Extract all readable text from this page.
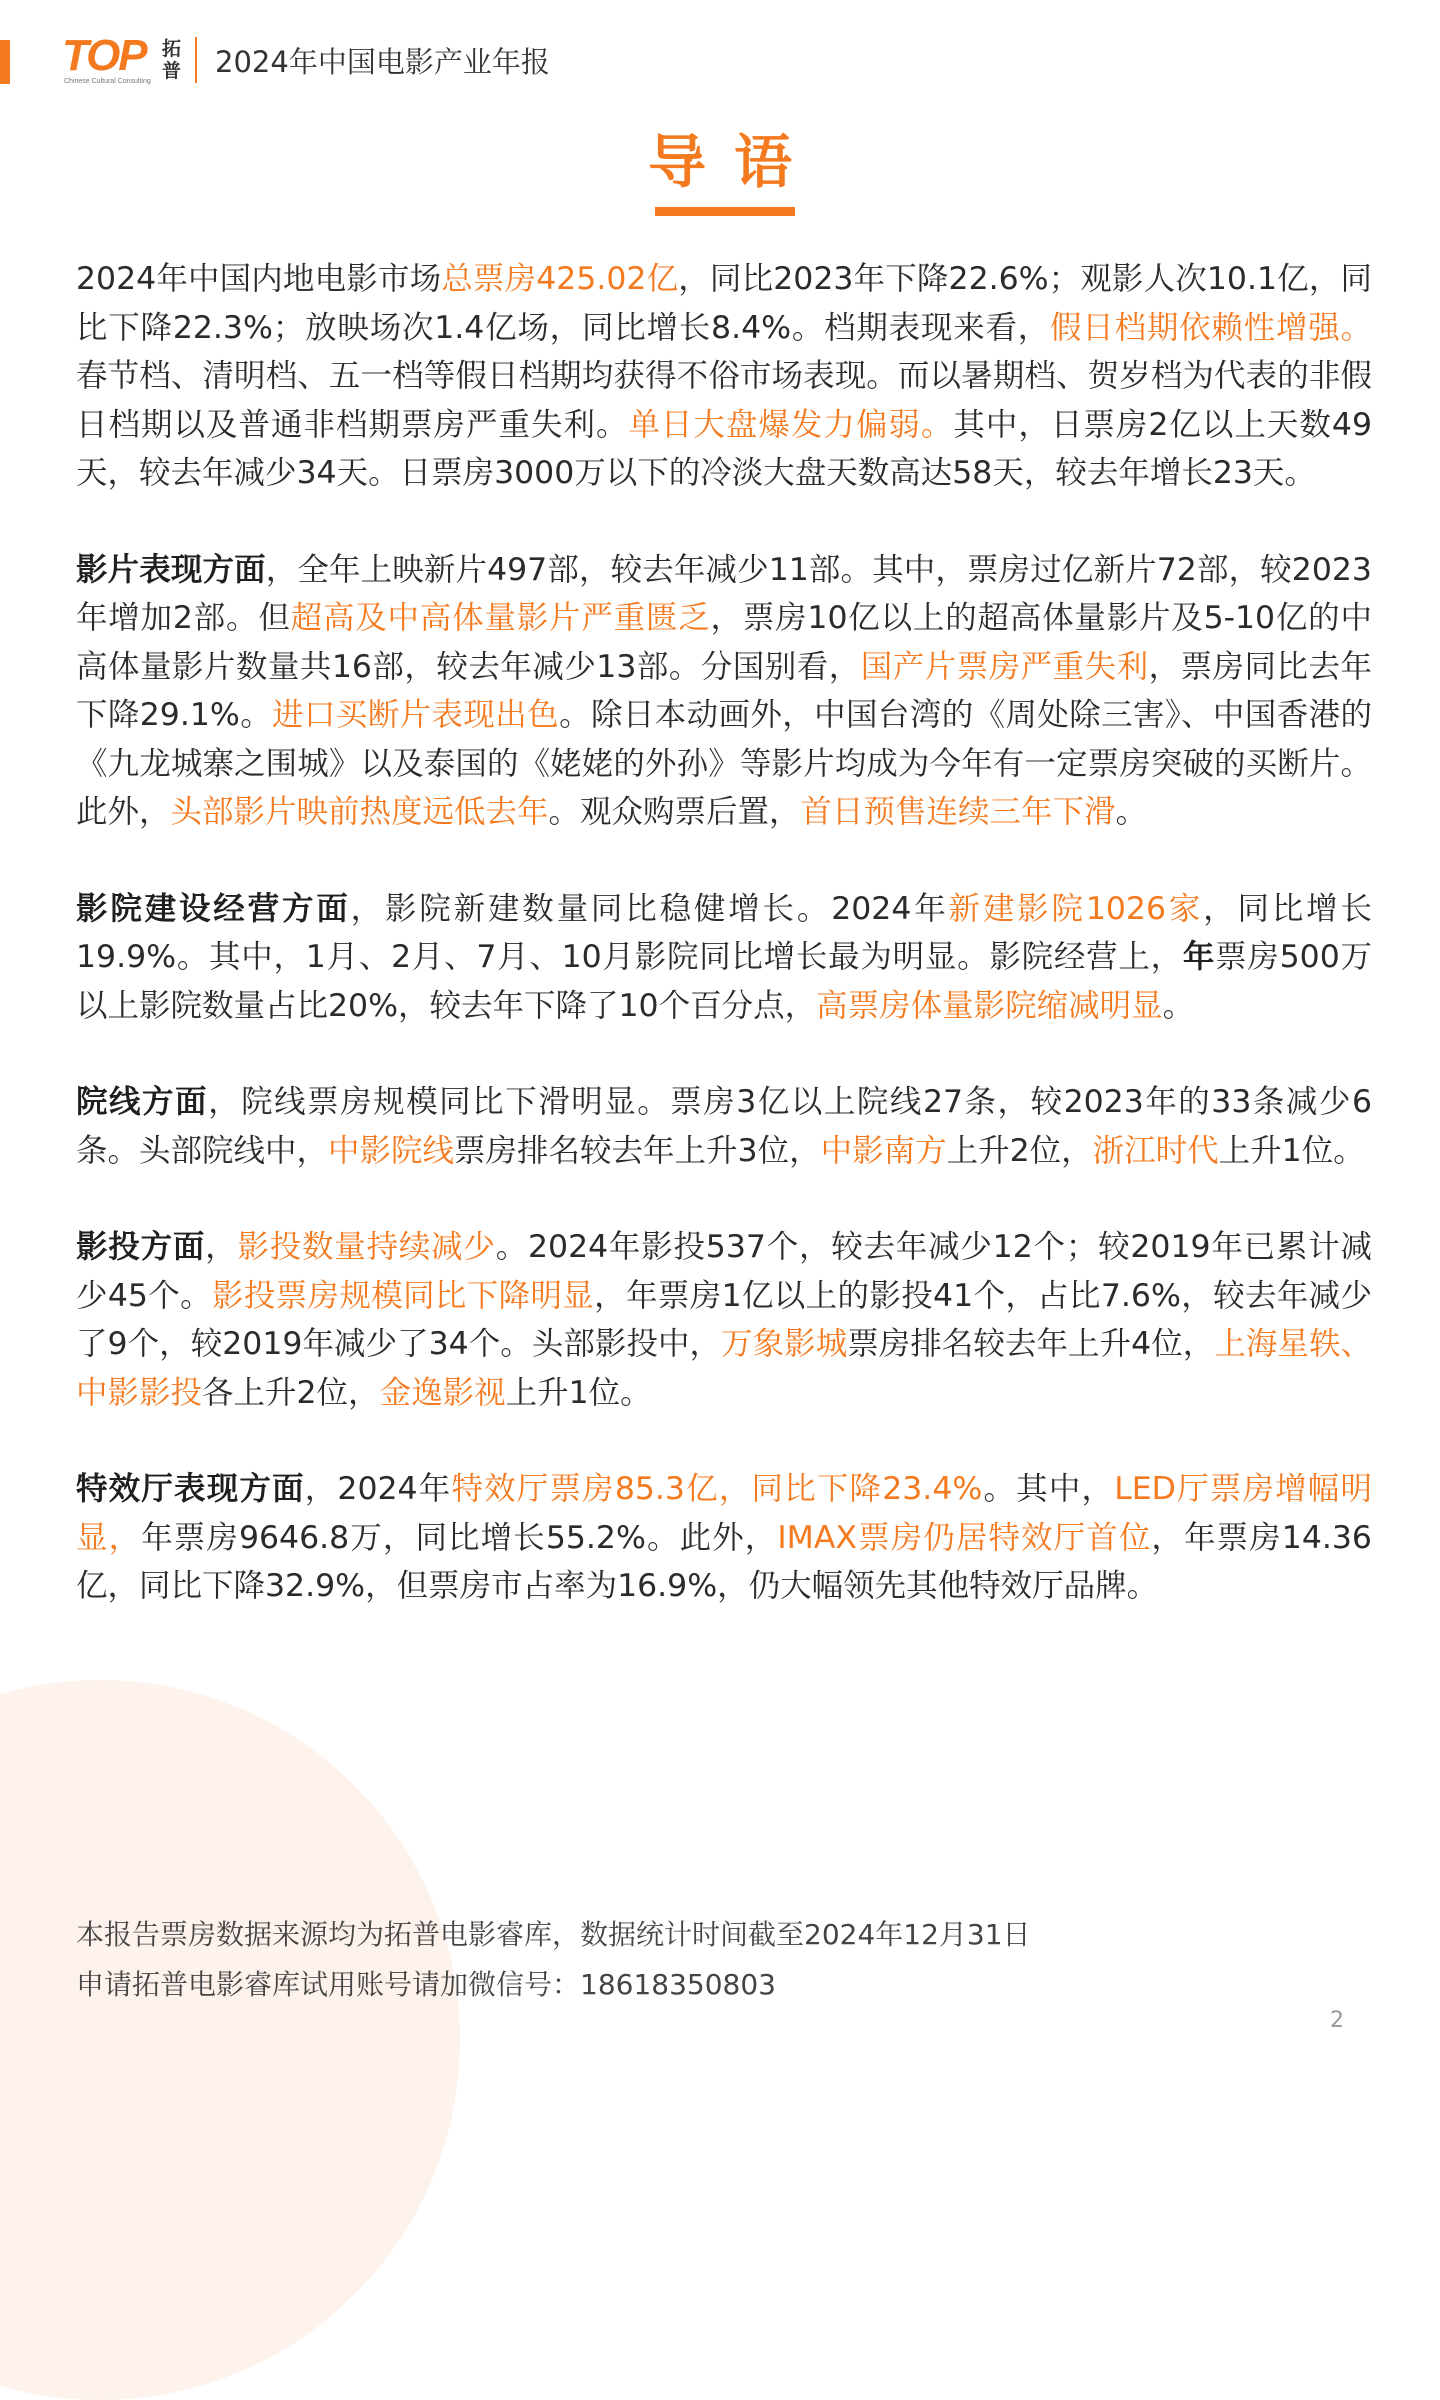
TOP
Chinese Cultural Consulting
拓
普 2024年中国电影产业年报
导语

2024年中国内地电影市场总票房425.02亿，同比2023年下降22.6%；观影人次10.1亿，同比下降22.3%；放映场次1.4亿场，同比增长8.4%。档期表现来看，假日档期依赖性增强。春节档、清明档、五一档等假日档期均获得不俗市场表现。而以暑期档、贺岁档为代表的非假日档期以及普通非档期票房严重失利。单日大盘爆发力偏弱。其中，日票房2亿以上天数49天，较去年减少34天。日票房3000万以下的冷淡大盘天数高达58天，较去年增长23天。

影片表现方面，全年上映新片497部，较去年减少11部。其中，票房过亿新片72部，较2023年增加2部。但超高及中高体量影片严重匮乏，票房10亿以上的超高体量影片及5-10亿的中高体量影片数量共16部，较去年减少13部。分国别看，国产片票房严重失利，票房同比去年下降29.1%。进口买断片表现出色。除日本动画外，中国台湾的《周处除三害》、中国香港的《九龙城寨之围城》以及泰国的《姥姥的外孙》等影片均成为今年有一定票房突破的买断片。此外，头部影片映前热度远低去年。观众购票后置，首日预售连续三年下滑。

影院建设经营方面，影院新建数量同比稳健增长。2024年新建影院1026家，同比增长19.9%。其中，1月、2月、7月、10月影院同比增长最为明显。影院经营上，年票房500万以上影院数量占比20%，较去年下降了10个百分点，高票房体量影院缩减明显。

院线方面，院线票房规模同比下滑明显。票房3亿以上院线27条，较2023年的33条减少6条。头部院线中，中影院线票房排名较去年上升3位，中影南方上升2位，浙江时代上升1位。

影投方面，影投数量持续减少。2024年影投537个，较去年减少12个；较2019年已累计减少45个。影投票房规模同比下降明显，年票房1亿以上的影投41个，占比7.6%，较去年减少了9个，较2019年减少了34个。头部影投中，万象影城票房排名较去年上升4位，上海星轶、中影影投各上升2位，金逸影视上升1位。

特效厅表现方面，2024年特效厅票房85.3亿，同比下降23.4%。其中，LED厅票房增幅明显，年票房9646.8万，同比增长55.2%。此外，IMAX票房仍居特效厅首位，年票房14.36亿，同比下降32.9%，但票房市占率为16.9%，仍大幅领先其他特效厅品牌。

本报告票房数据来源均为拓普电影睿库，数据统计时间截至2024年12月31日
申请拓普电影睿库试用账号请加微信号：18618350803
2
